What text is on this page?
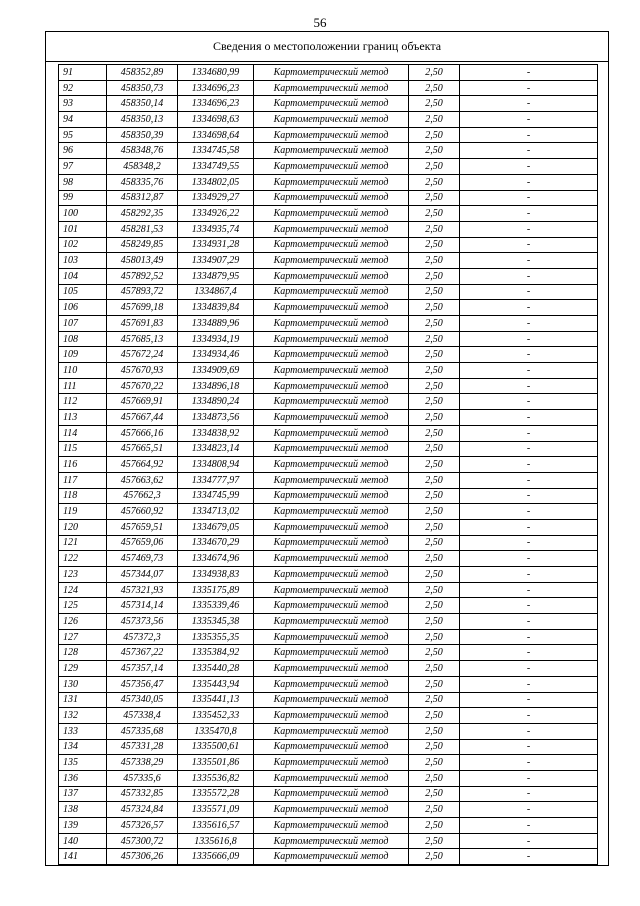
56
Сведения о местоположении границ объекта
91	458352,89	1334680,99	Картометрический метод	2,50	-
92	458350,73	1334696,23	Картометрический метод	2,50	-
93	458350,14	1334696,23	Картометрический метод	2,50	-
94	458350,13	1334698,63	Картометрический метод	2,50	-
95	458350,39	1334698,64	Картометрический метод	2,50	-
96	458348,76	1334745,58	Картометрический метод	2,50	-
97	458348,2	1334749,55	Картометрический метод	2,50	-
98	458335,76	1334802,05	Картометрический метод	2,50	-
99	458312,87	1334929,27	Картометрический метод	2,50	-
100	458292,35	1334926,22	Картометрический метод	2,50	-
101	458281,53	1334935,74	Картометрический метод	2,50	-
102	458249,85	1334931,28	Картометрический метод	2,50	-
103	458013,49	1334907,29	Картометрический метод	2,50	-
104	457892,52	1334879,95	Картометрический метод	2,50	-
105	457893,72	1334867,4	Картометрический метод	2,50	-
106	457699,18	1334839,84	Картометрический метод	2,50	-
107	457691,83	1334889,96	Картометрический метод	2,50	-
108	457685,13	1334934,19	Картометрический метод	2,50	-
109	457672,24	1334934,46	Картометрический метод	2,50	-
110	457670,93	1334909,69	Картометрический метод	2,50	-
111	457670,22	1334896,18	Картометрический метод	2,50	-
112	457669,91	1334890,24	Картометрический метод	2,50	-
113	457667,44	1334873,56	Картометрический метод	2,50	-
114	457666,16	1334838,92	Картометрический метод	2,50	-
115	457665,51	1334823,14	Картометрический метод	2,50	-
116	457664,92	1334808,94	Картометрический метод	2,50	-
117	457663,62	1334777,97	Картометрический метод	2,50	-
118	457662,3	1334745,99	Картометрический метод	2,50	-
119	457660,92	1334713,02	Картометрический метод	2,50	-
120	457659,51	1334679,05	Картометрический метод	2,50	-
121	457659,06	1334670,29	Картометрический метод	2,50	-
122	457469,73	1334674,96	Картометрический метод	2,50	-
123	457344,07	1334938,83	Картометрический метод	2,50	-
124	457321,93	1335175,89	Картометрический метод	2,50	-
125	457314,14	1335339,46	Картометрический метод	2,50	-
126	457373,56	1335345,38	Картометрический метод	2,50	-
127	457372,3	1335355,35	Картометрический метод	2,50	-
128	457367,22	1335384,92	Картометрический метод	2,50	-
129	457357,14	1335440,28	Картометрический метод	2,50	-
130	457356,47	1335443,94	Картометрический метод	2,50	-
131	457340,05	1335441,13	Картометрический метод	2,50	-
132	457338,4	1335452,33	Картометрический метод	2,50	-
133	457335,68	1335470,8	Картометрический метод	2,50	-
134	457331,28	1335500,61	Картометрический метод	2,50	-
135	457338,29	1335501,86	Картометрический метод	2,50	-
136	457335,6	1335536,82	Картометрический метод	2,50	-
137	457332,85	1335572,28	Картометрический метод	2,50	-
138	457324,84	1335571,09	Картометрический метод	2,50	-
139	457326,57	1335616,57	Картометрический метод	2,50	-
140	457300,72	1335616,8	Картометрический метод	2,50	-
141	457306,26	1335666,09	Картометрический метод	2,50	-
